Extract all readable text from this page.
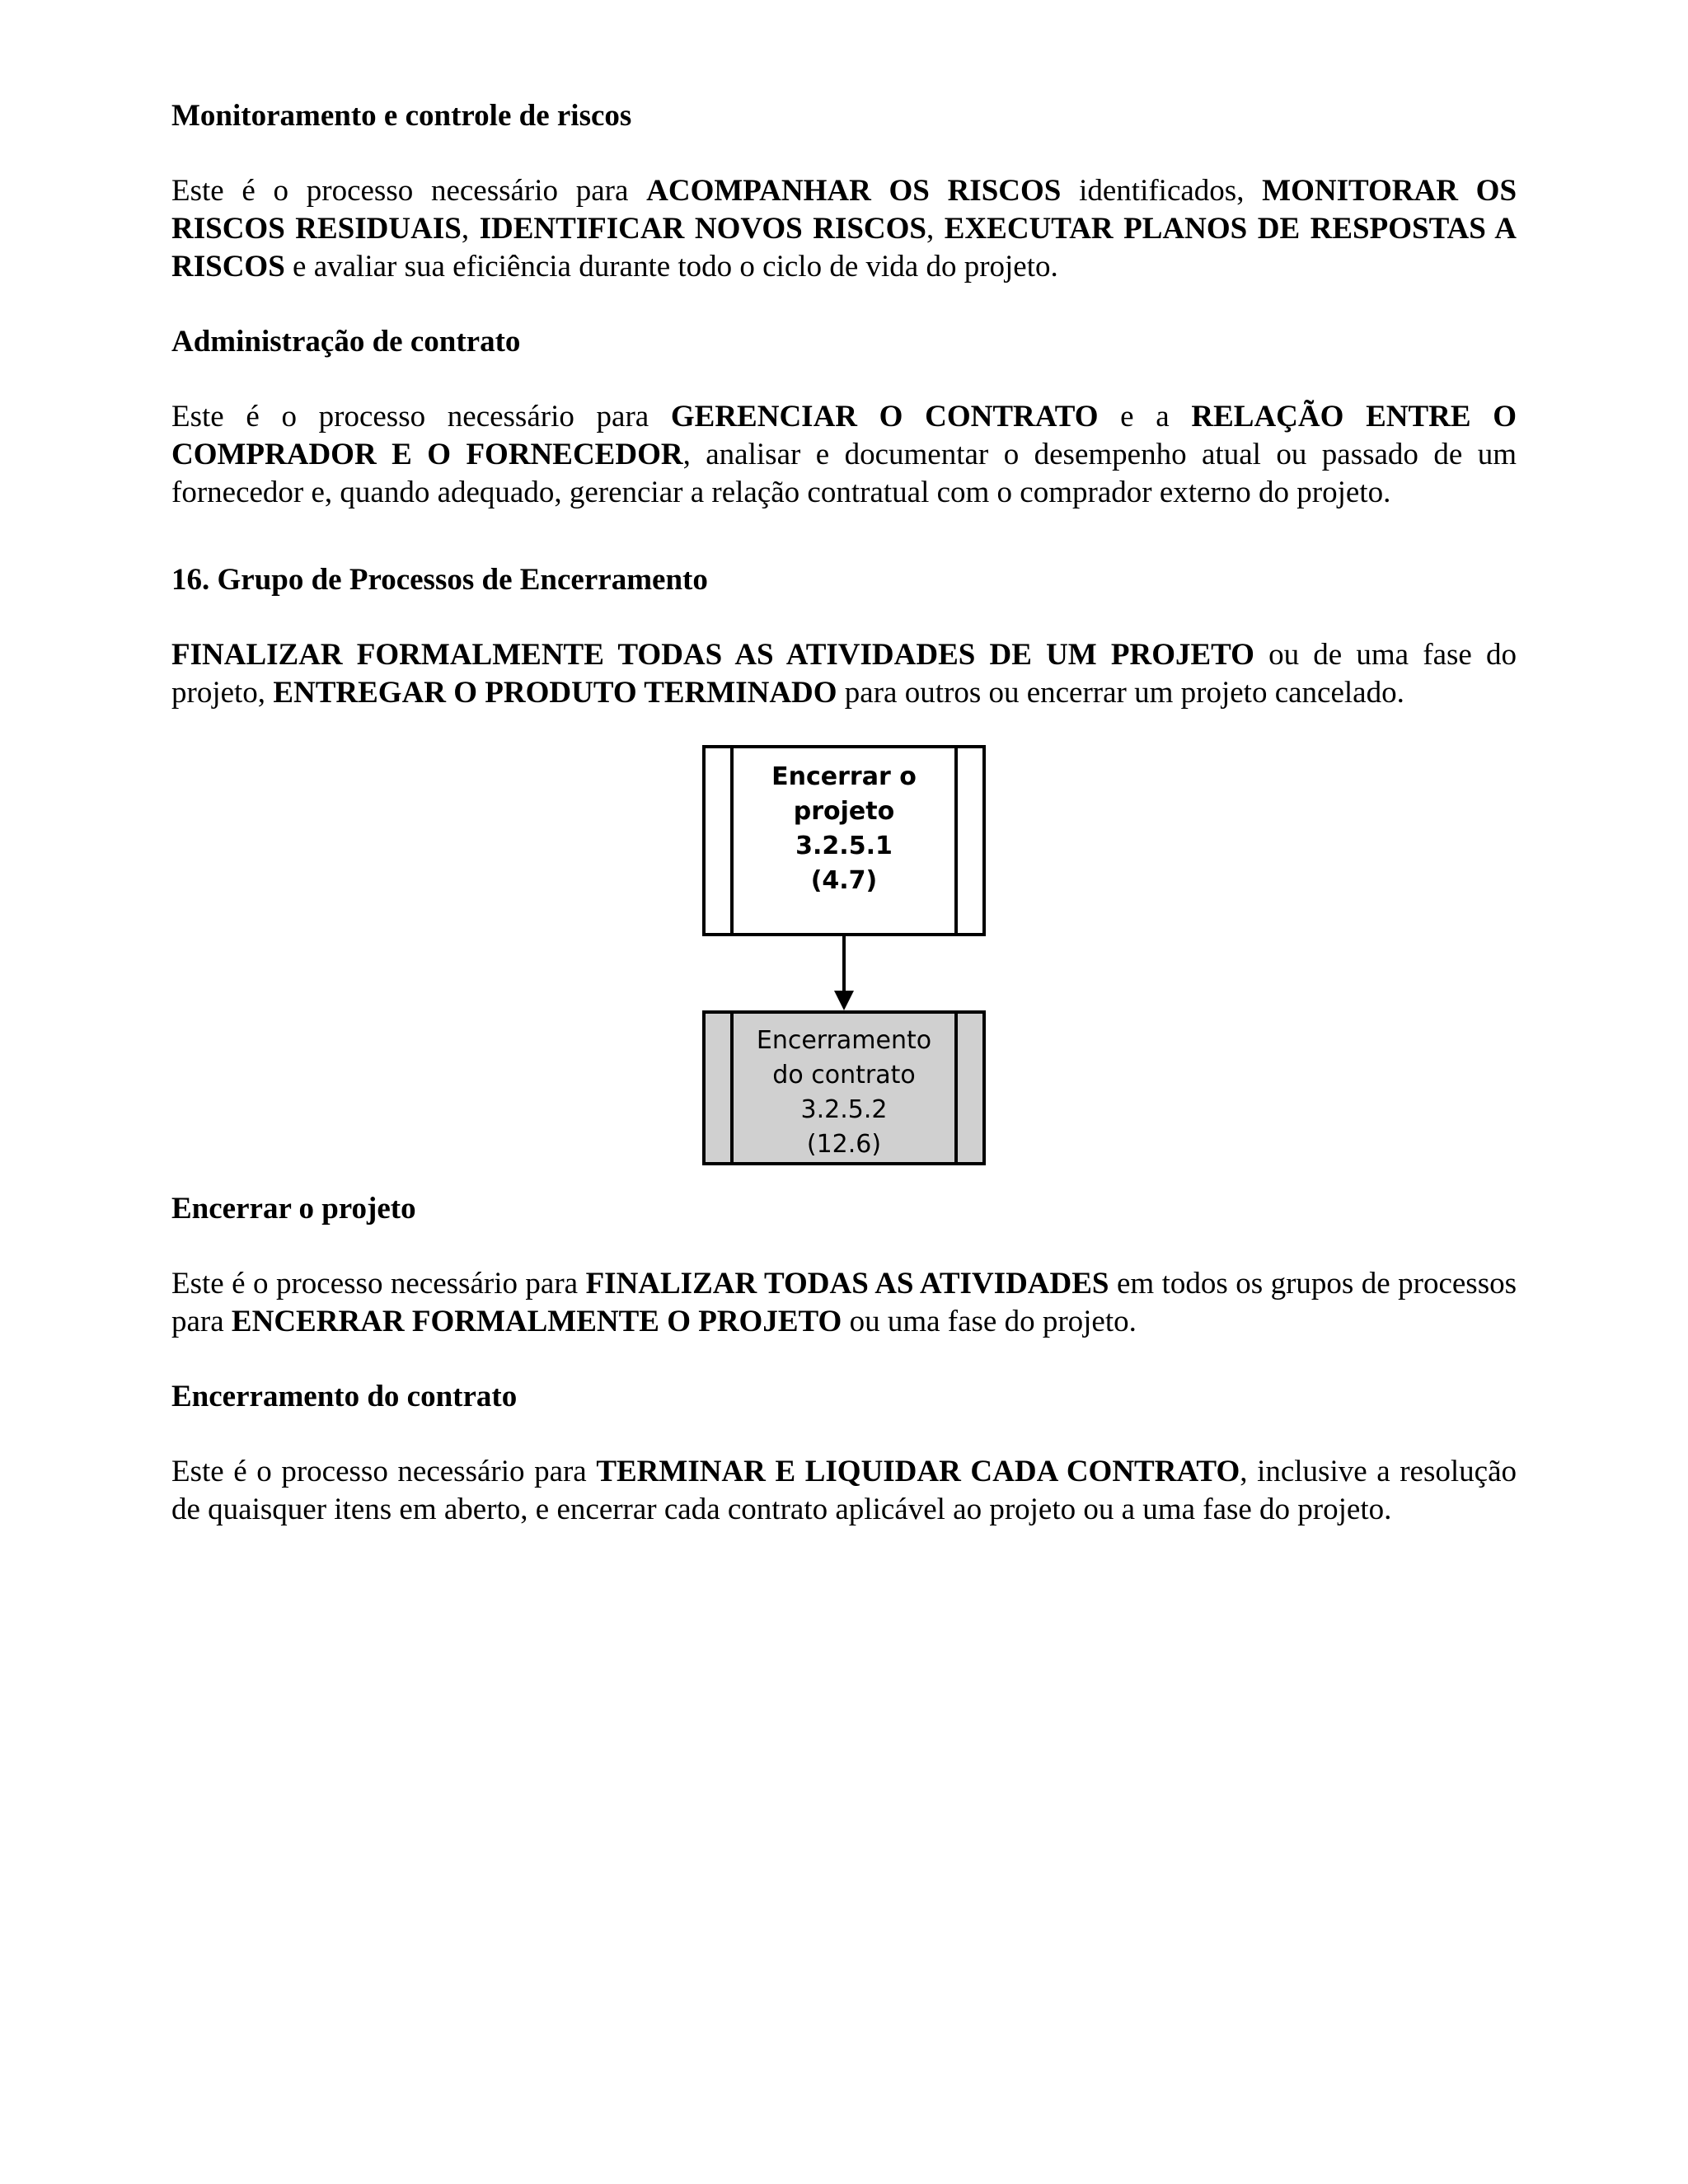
Monitoramento e controle de riscos

Este é o processo necessário para ACOMPANHAR OS RISCOS identificados, MONITORAR OS RISCOS RESIDUAIS, IDENTIFICAR NOVOS RISCOS, EXECUTAR PLANOS DE RESPOSTAS A RISCOS e avaliar sua eficiência durante todo o ciclo de vida do projeto.

Administração de contrato

Este é o processo necessário para GERENCIAR O CONTRATO e a RELAÇÃO ENTRE O COMPRADOR E O FORNECEDOR, analisar e documentar o desempenho atual ou passado de um fornecedor e, quando adequado, gerenciar a relação contratual com o comprador externo do projeto.

16. Grupo de Processos de Encerramento

FINALIZAR FORMALMENTE TODAS AS ATIVIDADES DE UM PROJETO ou de uma fase do projeto, ENTREGAR O PRODUTO TERMINADO para outros ou encerrar um projeto cancelado.

Encerrar o
projeto
3.2.5.1
(4.7)
Encerramento
do contrato
3.2.5.2
(12.6)

Encerrar o projeto

Este é o processo necessário para FINALIZAR TODAS AS ATIVIDADES em todos os grupos de processos para ENCERRAR FORMALMENTE O PROJETO ou uma fase do projeto.

Encerramento do contrato

Este é o processo necessário para TERMINAR E LIQUIDAR CADA CONTRATO, inclusive a resolução de quaisquer itens em aberto, e encerrar cada contrato aplicável ao projeto ou a uma fase do projeto.
